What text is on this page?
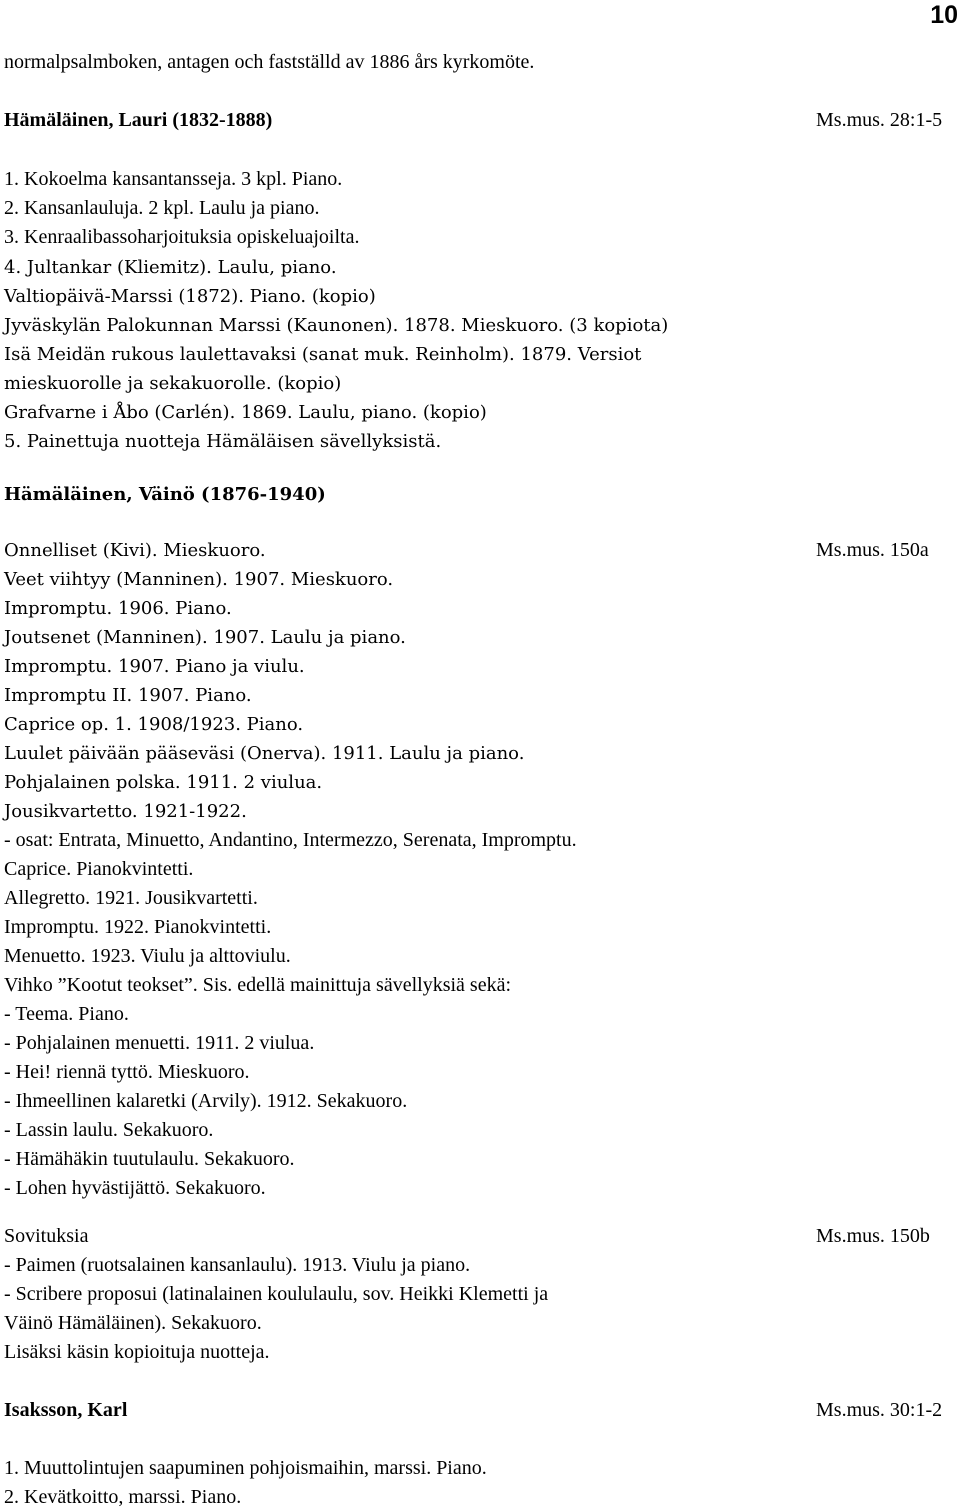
10
normalpsalmboken, antagen och fastställd av 1886 års kyrkomöte.
Hämäläinen, Lauri (1832-1888)	Ms.mus. 28:1-5
1. Kokoelma kansantansseja. 3 kpl. Piano.
2. Kansanlauluja. 2 kpl. Laulu ja piano.
3. Kenraalibassoharjoituksia opiskeluajoilta.
4. Jultankar (Kliemitz). Laulu, piano.
Valtiopäivä-Marssi (1872). Piano. (kopio)
Jyväskylän Palokunnan Marssi (Kaunonen). 1878. Mieskuoro. (3 kopiota)
Isä Meidän rukous laulettavaksi (sanat muk. Reinholm). 1879. Versiot
mieskuorolle ja sekakuorolle. (kopio)
Grafvarne i Åbo (Carlén). 1869. Laulu, piano. (kopio)
5. Painettuja nuotteja Hämäläisen sävellyksistä.
Hämäläinen, Väinö (1876-1940)
Ms.mus. 150a
Onnelliset (Kivi). Mieskuoro.
Veet viihtyy (Manninen). 1907. Mieskuoro.
Impromptu. 1906. Piano.
Joutsenet (Manninen). 1907. Laulu ja piano.
Impromptu. 1907. Piano ja viulu.
Impromptu II. 1907. Piano.
Caprice op. 1. 1908/1923. Piano.
Luulet päivään pääseväsi (Onerva). 1911. Laulu ja piano.
Pohjalainen polska. 1911. 2 viulua.
Jousikvartetto. 1921-1922.
- osat: Entrata, Minuetto, Andantino, Intermezzo, Serenata, Impromptu.
Caprice. Pianokvintetti.
Allegretto. 1921. Jousikvartetti.
Impromptu. 1922. Pianokvintetti.
Menuetto. 1923. Viulu ja alttoviulu.
Vihko ”Kootut teokset”. Sis. edellä mainittuja sävellyksiä sekä:
- Teema. Piano.
- Pohjalainen menuetti. 1911. 2 viulua.
- Hei! riennä tyttö. Mieskuoro.
- Ihmeellinen kalaretki (Arvily). 1912. Sekakuoro.
- Lassin laulu. Sekakuoro.
- Hämähäkin tuutulaulu. Sekakuoro.
- Lohen hyvästijättö. Sekakuoro.
Sovituksia
- Paimen (ruotsalainen kansanlaulu). 1913. Viulu ja piano.
- Scribere proposui (latinalainen koululaulu, sov. Heikki Klemetti ja
Väinö Hämäläinen). Sekakuoro.
Lisäksi käsin kopioituja nuotteja.
Ms.mus. 150b
Isaksson, Karl	Ms.mus. 30:1-2
1. Muuttolintujen saapuminen pohjoismaihin, marssi. Piano.
2. Kevätkoitto, marssi. Piano.
